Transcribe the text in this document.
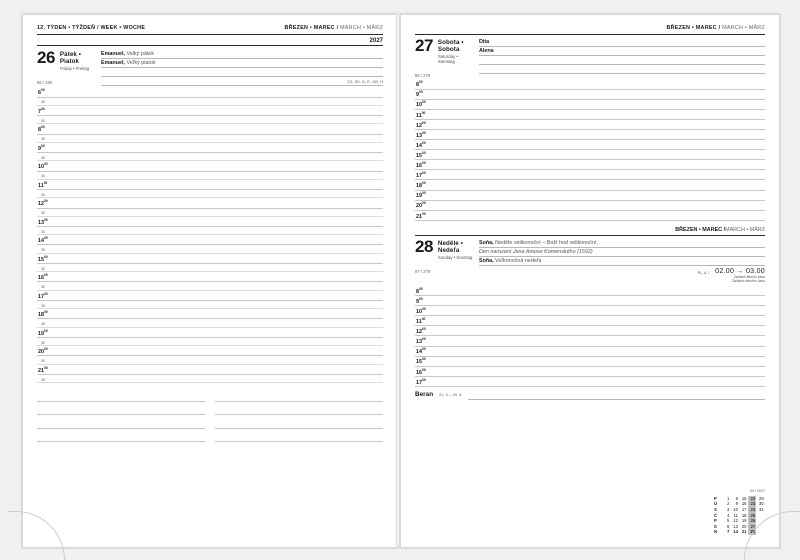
12. TÝDEN • TÝŽDEŇ / WEEK • WOCHE	BŘEZEN • MAREC / MARCH • MÄRZ
2027
26 Pátek • Piatok
Friday • Freitag
85 / 280
Emanuel, Velký pátek
Emanuel, Veľký piatok
CZ, SK, D, E, GB, H
$6^{00}$
30
$7^{00}$
30
$8^{00}$
30
$9^{00}$
30
$10^{00}$
30
$11^{00}$
30
$12^{00}$
30
$13^{00}$
30
$14^{00}$
30
$15^{00}$
30
$16^{00}$
30
$17^{00}$
30
$18^{00}$
30
$19^{00}$
30
$20^{00}$
30
$21^{00}$
30

BŘEZEN • MAREC / MARCH • MÄRZ
27 Sobota • Sobota
Saturday • Samstag
86 / 279
Dita
Alena
$8^{00}$
$9^{00}$
$10^{00}$
$11^{00}$
$12^{00}$
$13^{00}$
$14^{00}$
$15^{00}$
$16^{00}$
$17^{00}$
$18^{00}$
$19^{00}$
$20^{00}$
$21^{00}$
BŘEZEN • MAREC / MARCH • MÄRZ
28 Neděle • Nedeľa
Sunday • Sonntag
87 / 278
Soňa, Neděle velikonoční – Boží hod velikonoční,
Den narození Jana Amose Komenského (1592)
Soňa, Veľkonočná nedeľa
PL, A, I 02.00 → 03.00
Začátek letního času
Začiatok letného času
$8^{00}$
$9^{00}$
$10^{00}$
$11^{00}$
$12^{00}$
$13^{00}$
$14^{00}$
$15^{00}$
$16^{00}$
$17^{00}$
Beran 21. 3. – 20. 4.
03 / 2027
P	1	8	15	22	29
Ú	2	9	16	23	30
S	3	10	17	24	31
Č	4	11	18	25	
P	5	12	19	26	
S	6	13	20	27	
N	7	14	21	28	
